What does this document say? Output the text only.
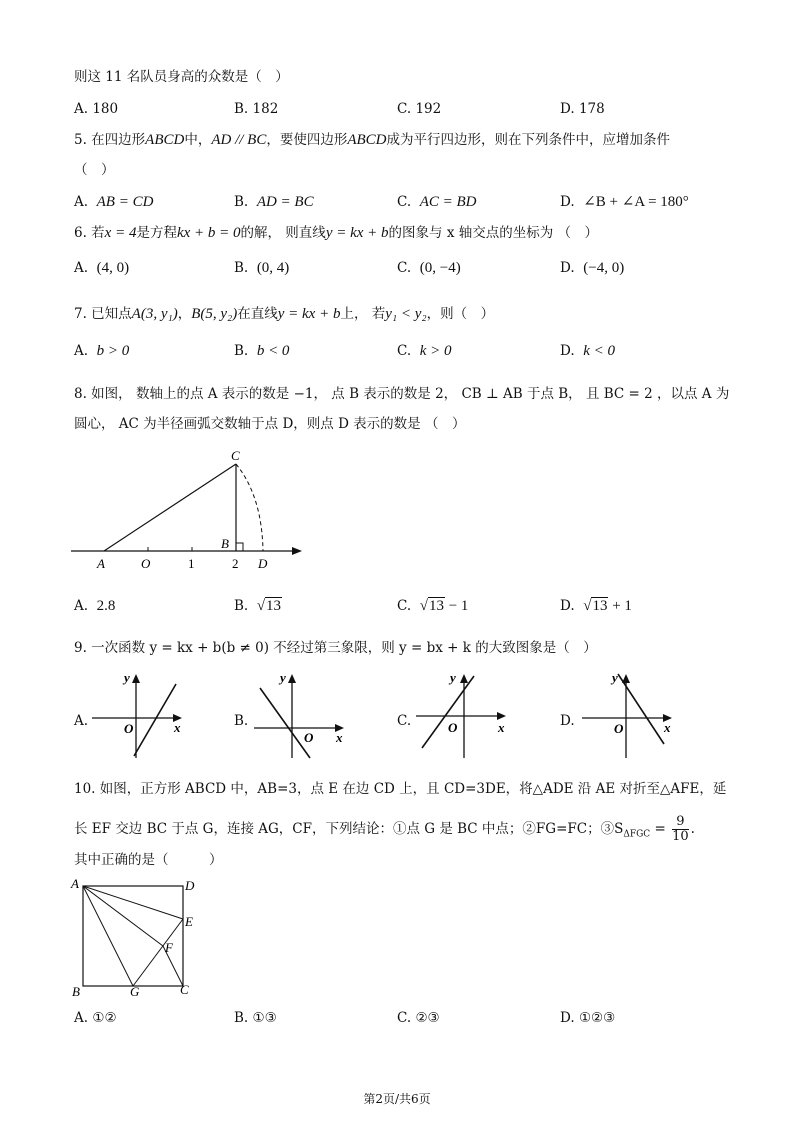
则这 11 名队员身高的众数是（　）
A. 180	B. 182	C. 192	D. 178
5. 在四边形ABCD中，AD // BC，要使四边形ABCD成为平行四边形，则在下列条件中，应增加条件
（　）
A. AB = CD	B. AD = BC	C. AC = BD	D. ∠B + ∠A = 180°
6. 若x = 4是方程kx + b = 0的解， 则直线y = kx + b的图象与 x 轴交点的坐标为 （　）
A. (4, 0)	B. (0, 4)	C. (0, −4)	D. (−4, 0)
7. 已知点A(3, y₁)，B(5, y₂)在直线y = kx + b上， 若y₁ < y₂，则（　）
A. b > 0	B. b < 0	C. k > 0	D. k < 0
8. 如图， 数轴上的点 A 表示的数是 −1， 点 B 表示的数是 2， CB ⊥ AB 于点 B， 且 BC = 2 ，以点 A 为
圆心， AC 为半径画弧交数轴于点 D，则点 D 表示的数是 （　）
A	O	1	2
B
C
D
A. 2.8	B. √13	C. √13 − 1	D. √13 + 1
9. 一次函数 y = kx + b(b ≠ 0) 不经过第三象限，则 y = bx + k 的大致图象是（　）
A.
y
x
O	B.
y
x
O
C.
y
x
O	D.
y
x
O
10. 如图，正方形 ABCD 中，AB=3，点 E 在边 CD 上，且 CD=3DE，将△ADE 沿 AE 对折至△AFE，延
长 EF 交边 BC 于点 G，连接 AG，CF，下列结论：①点 G 是 BC 中点；②FG=FC；$③S_{\Delta FGC} = \frac{9}{10}$ .
其中正确的是（　　　）
A	D
E
F
B	G	C
A. ①②	B. ①③	C. ②③	D. ①②③
第2页/共6页
